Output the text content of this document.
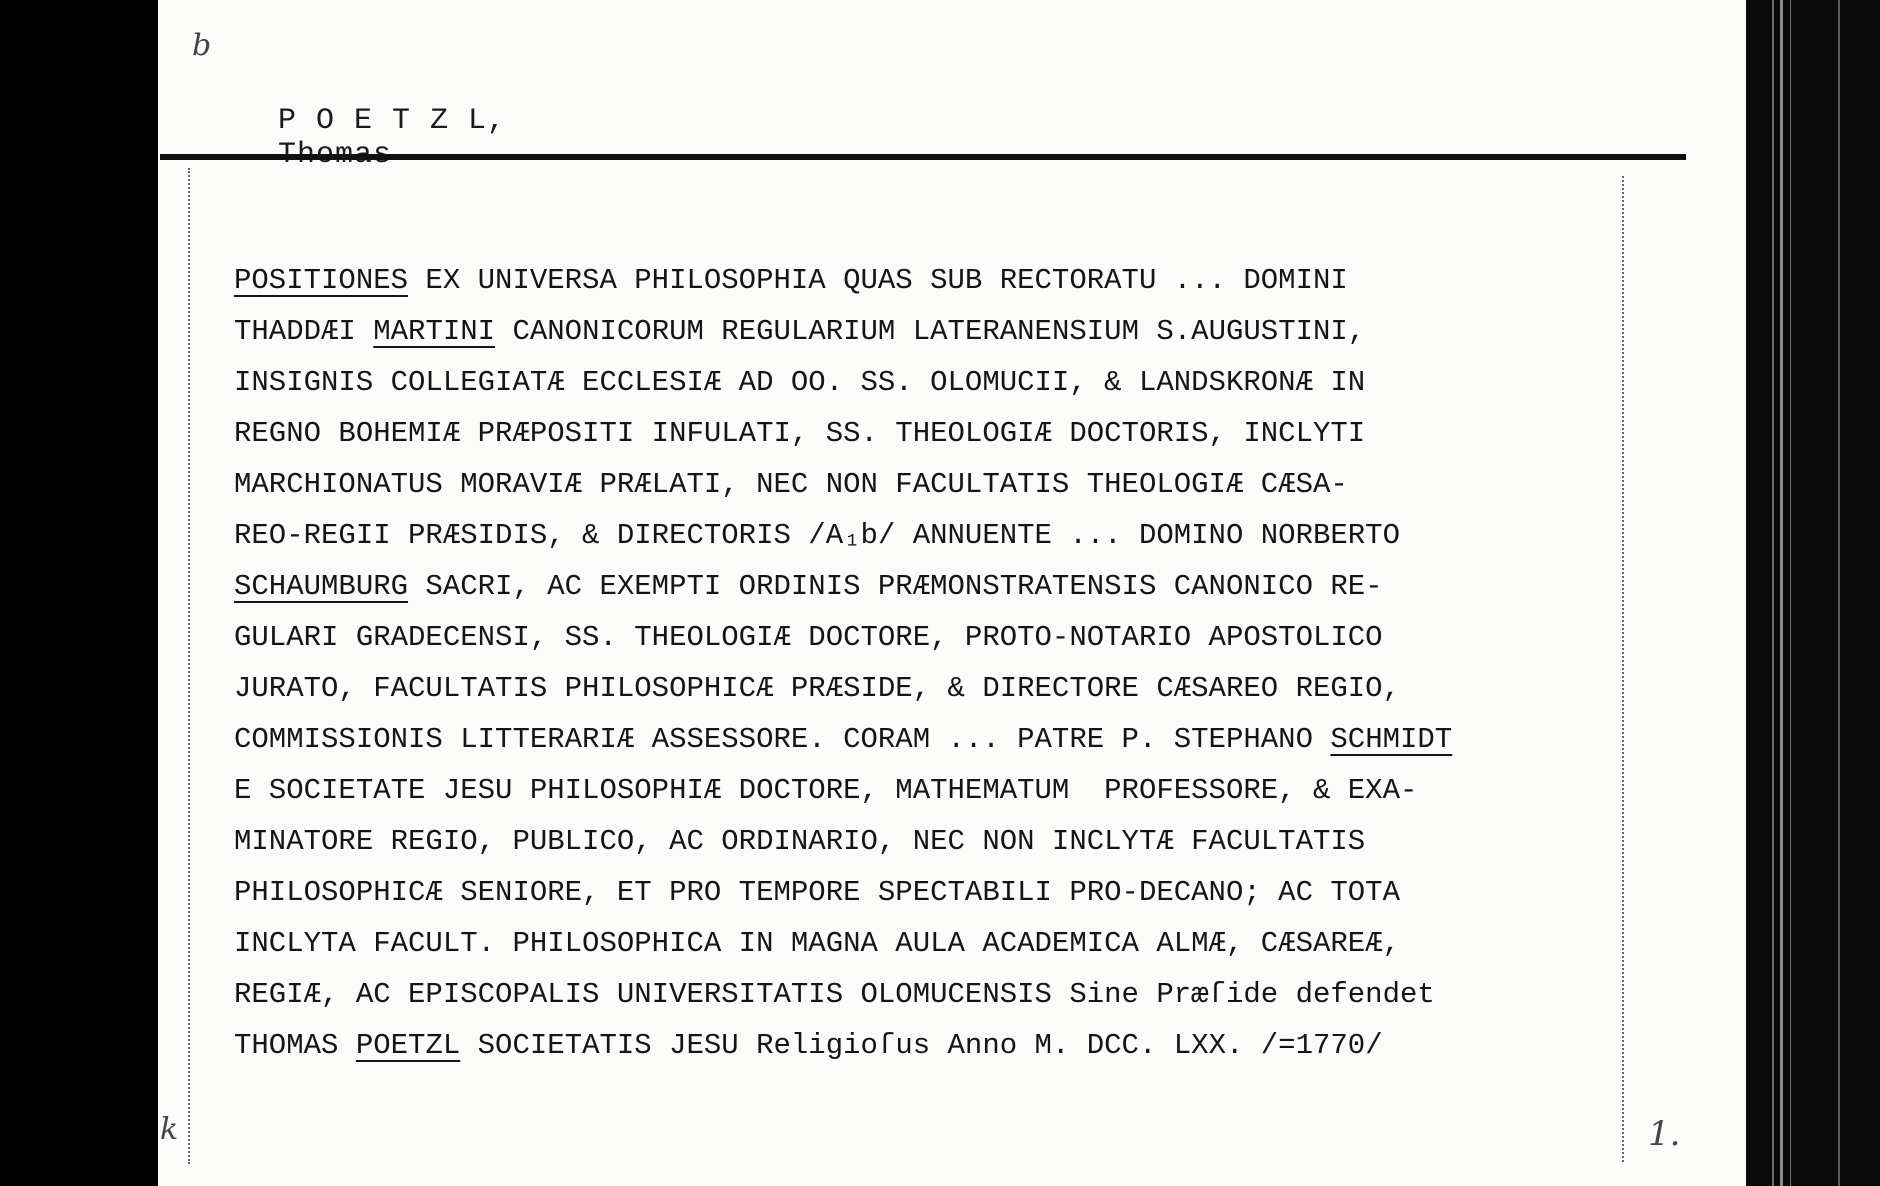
b

P O E T Z L,

POSITIONES EX UNIVERSA PHILOSOPHIA QUAS SUB RECTORATU ... DOMINI
THADDÆI MARTINI CANONICORUM REGULARIUM LATERANENSIUM S.AUGUSTINI,
INSIGNIS COLLEGIATÆ ECCLESIÆ AD OO. SS. OLOMUCII, & LANDSKRONÆ IN
REGNO BOHEMIÆ PRÆPOSITI INFULATI, SS. THEOLOGIÆ DOCTORIS, INCLYTI
MARCHIONATUS MORAVIÆ PRÆLATI, NEC NON FACULTATIS THEOLOGIÆ CÆSA-
REO-REGII PRÆSIDIS, & DIRECTORIS /A₁b/ ANNUENTE ... DOMINO NORBERTO
SCHAUMBURG SACRI, AC EXEMPTI ORDINIS PRÆMONSTRATENSIS CANONICO RE-
GULARI GRADECENSI, SS. THEOLOGIÆ DOCTORE, PROTO-NOTARIO APOSTOLICO
JURATO, FACULTATIS PHILOSOPHICÆ PRÆSIDE, & DIRECTORE CÆSAREO REGIO,
COMMISSIONIS LITTERARIÆ ASSESSORE. CORAM ... PATRE P. STEPHANO SCHMIDT
E SOCIETATE JESU PHILOSOPHIÆ DOCTORE, MATHEMATUM  PROFESSORE, & EXA-
MINATORE REGIO, PUBLICO, AC ORDINARIO, NEC NON INCLYTÆ FACULTATIS
PHILOSOPHICÆ SENIORE, ET PRO TEMPORE SPECTABILI PRO-DECANO; AC TOTA
INCLYTA FACULT. PHILOSOPHICA IN MAGNA AULA ACADEMICA ALMÆ, CÆSAREÆ,
REGIÆ, AC EPISCOPALIS UNIVERSITATIS OLOMUCENSIS Sine Præſide defendet
THOMAS POETZL SOCIETATIS JESU Religioſus Anno M. DCC. LXX. /=1770/
k	1.
